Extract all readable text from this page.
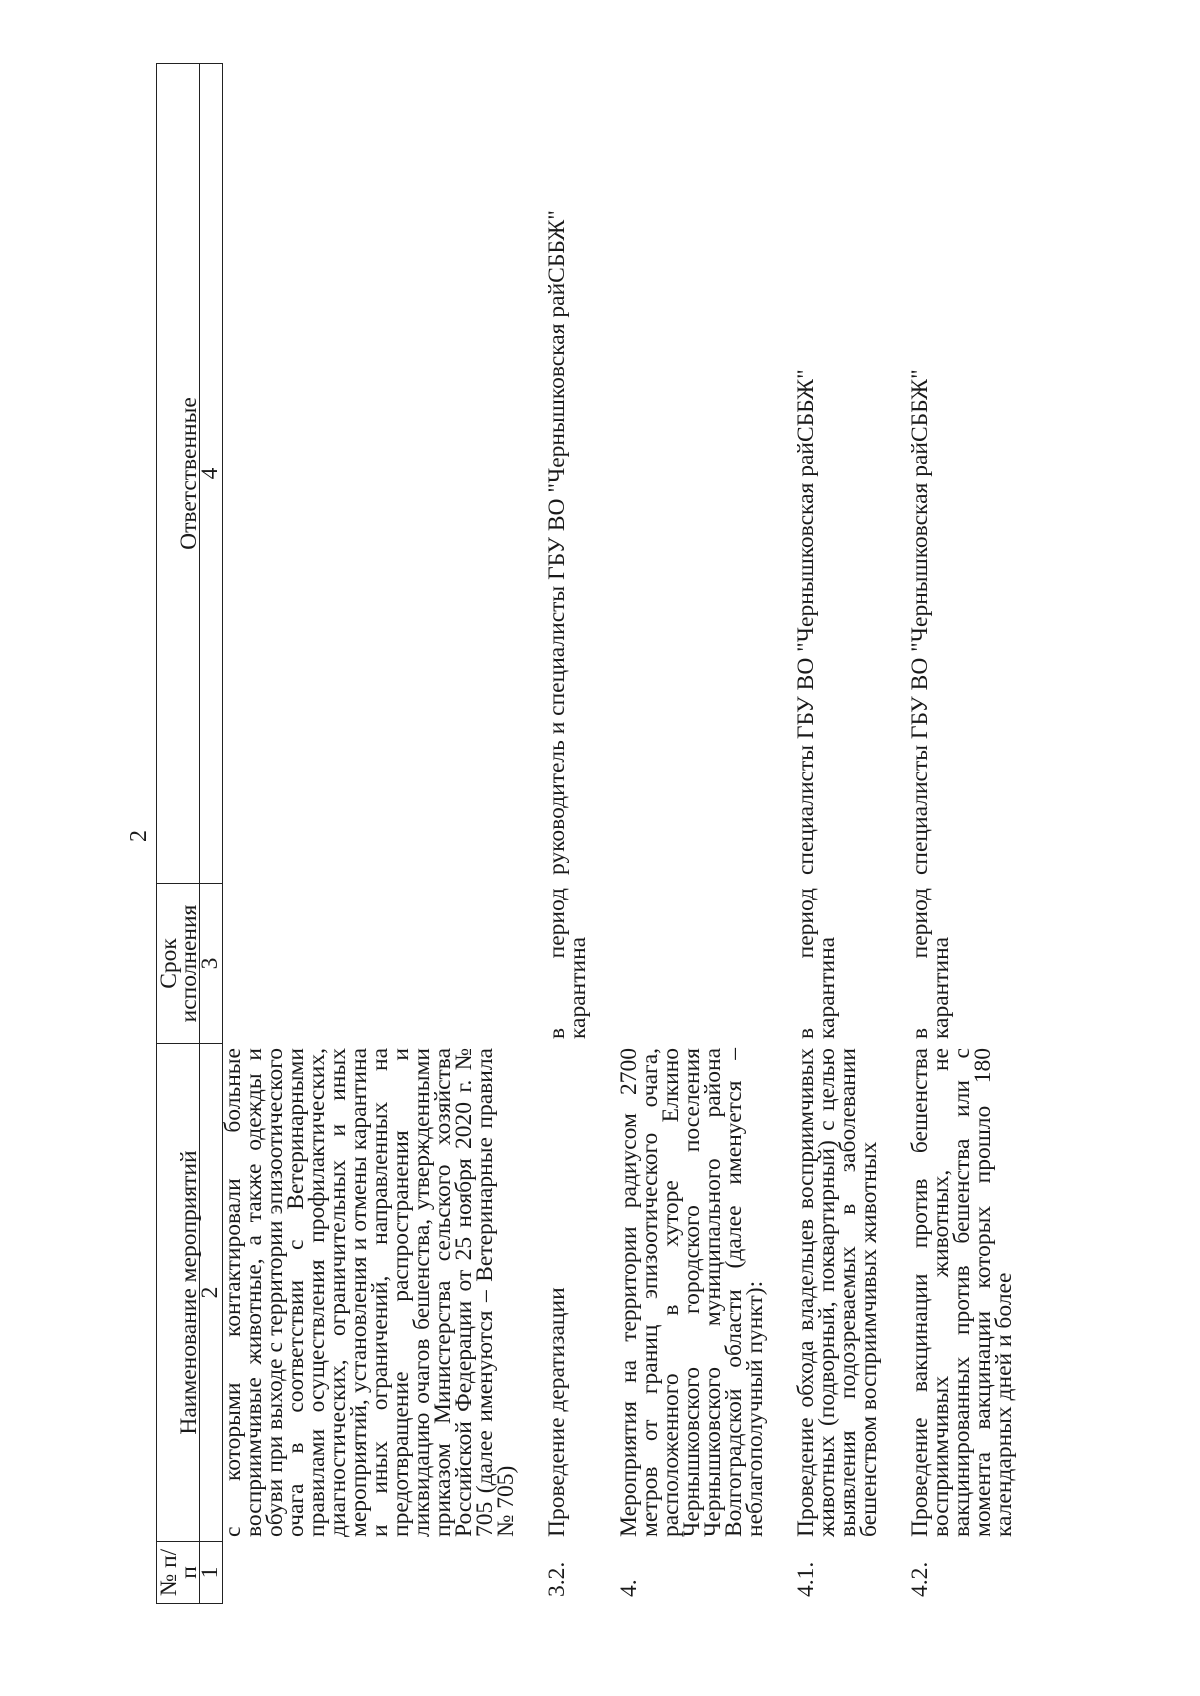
2
№ п/п	Наименование мероприятий	Срок исполнения	Ответственные
1	2	3	4
	с которыми контактировали больные восприимчивые животные, а также одежды и обуви при выходе с территории эпизоотического очага в соответствии с Ветеринарными правилами осуществления профилактических, диагностических, ограничительных и иных мероприятий, установления и отмены карантина и иных ограничений, направленных на предотвращение распространения и ликвидацию очагов бешенства, утвержденными приказом Министерства сельского хозяйства Российской Федерации от 25 ноября 2020 г. № 705 (далее именуются – Ветеринарные правила № 705)		

3.2.	Проведение дератизации	в период карантина	руководитель и специалисты ГБУ ВО "Чернышковская райСББЖ"

4.	Мероприятия на территории радиусом 2700 метров от границ эпизоотического очага, расположенного в хуторе Елкино Чернышковского городского поселения Чернышковского муниципального района Волгоградской области (далее именуется – неблагополучный пункт):		

4.1.	Проведение обхода владельцев восприимчивых животных (подворный, поквартирный) с целью выявления подозреваемых в заболевании бешенством восприимчивых животных	в период карантина	специалисты ГБУ ВО "Чернышковская райСББЖ"

4.2.	Проведение вакцинации против бешенства восприимчивых животных, не вакцинированных против бешенства или с момента вакцинации которых прошло 180 календарных дней и более	в период карантина	специалисты ГБУ ВО "Чернышковская райСББЖ"
